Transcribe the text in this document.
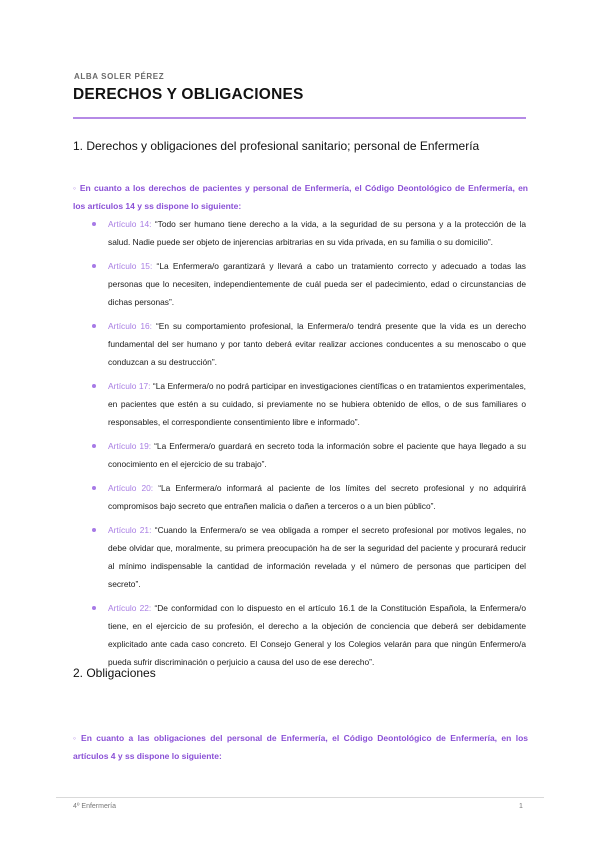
ALBA SOLER PÉREZ
DERECHOS Y OBLIGACIONES
1. Derechos y obligaciones del profesional sanitario; personal de Enfermería
◦ En cuanto a los derechos de pacientes y personal de Enfermería, el Código Deontológico de Enfermería, en los artículos 14 y ss dispone lo siguiente:
Artículo 14: “Todo ser humano tiene derecho a la vida, a la seguridad de su persona y a la protección de la salud. Nadie puede ser objeto de injerencias arbitrarias en su vida privada, en su familia o su domicilio”.
Artículo 15: “La Enfermera/o garantizará y llevará a cabo un tratamiento correcto y adecuado a todas las personas que lo necesiten, independientemente de cuál pueda ser el padecimiento, edad o circunstancias de dichas personas”.
Artículo 16: “En su comportamiento profesional, la Enfermera/o tendrá presente que la vida es un derecho fundamental del ser humano y por tanto deberá evitar realizar acciones conducentes a su menoscabo o que conduzcan a su destrucción”.
Artículo 17: “La Enfermera/o no podrá participar en investigaciones científicas o en tratamientos experimentales, en pacientes que estén a su cuidado, si previamente no se hubiera obtenido de ellos, o de sus familiares o responsables, el correspondiente consentimiento libre e informado”.
Artículo 19: “La Enfermera/o guardará en secreto toda la información sobre el paciente que haya llegado a su conocimiento en el ejercicio de su trabajo”.
Artículo 20: “La Enfermera/o informará al paciente de los límites del secreto profesional y no adquirirá compromisos bajo secreto que entrañen malicia o dañen a terceros o a un bien público”.
Artículo 21: “Cuando la Enfermera/o se vea obligada a romper el secreto profesional por motivos legales, no debe olvidar que, moralmente, su primera preocupación ha de ser la seguridad del paciente y procurará reducir al mínimo indispensable la cantidad de información revelada y el número de personas que participen del secreto”.
Artículo 22: “De conformidad con lo dispuesto en el artículo 16.1 de la Constitución Española, la Enfermera/o tiene, en el ejercicio de su profesión, el derecho a la objeción de conciencia que deberá ser debidamente explicitado ante cada caso concreto. El Consejo General y los Colegios velarán para que ningún Enfermero/a pueda sufrir discriminación o perjuicio a causa del uso de ese derecho”.
2. Obligaciones
◦ En cuanto a las obligaciones del personal de Enfermería, el Código Deontológico de Enfermería, en los artículos 4 y ss dispone lo siguiente:
4º Enfermería	1
